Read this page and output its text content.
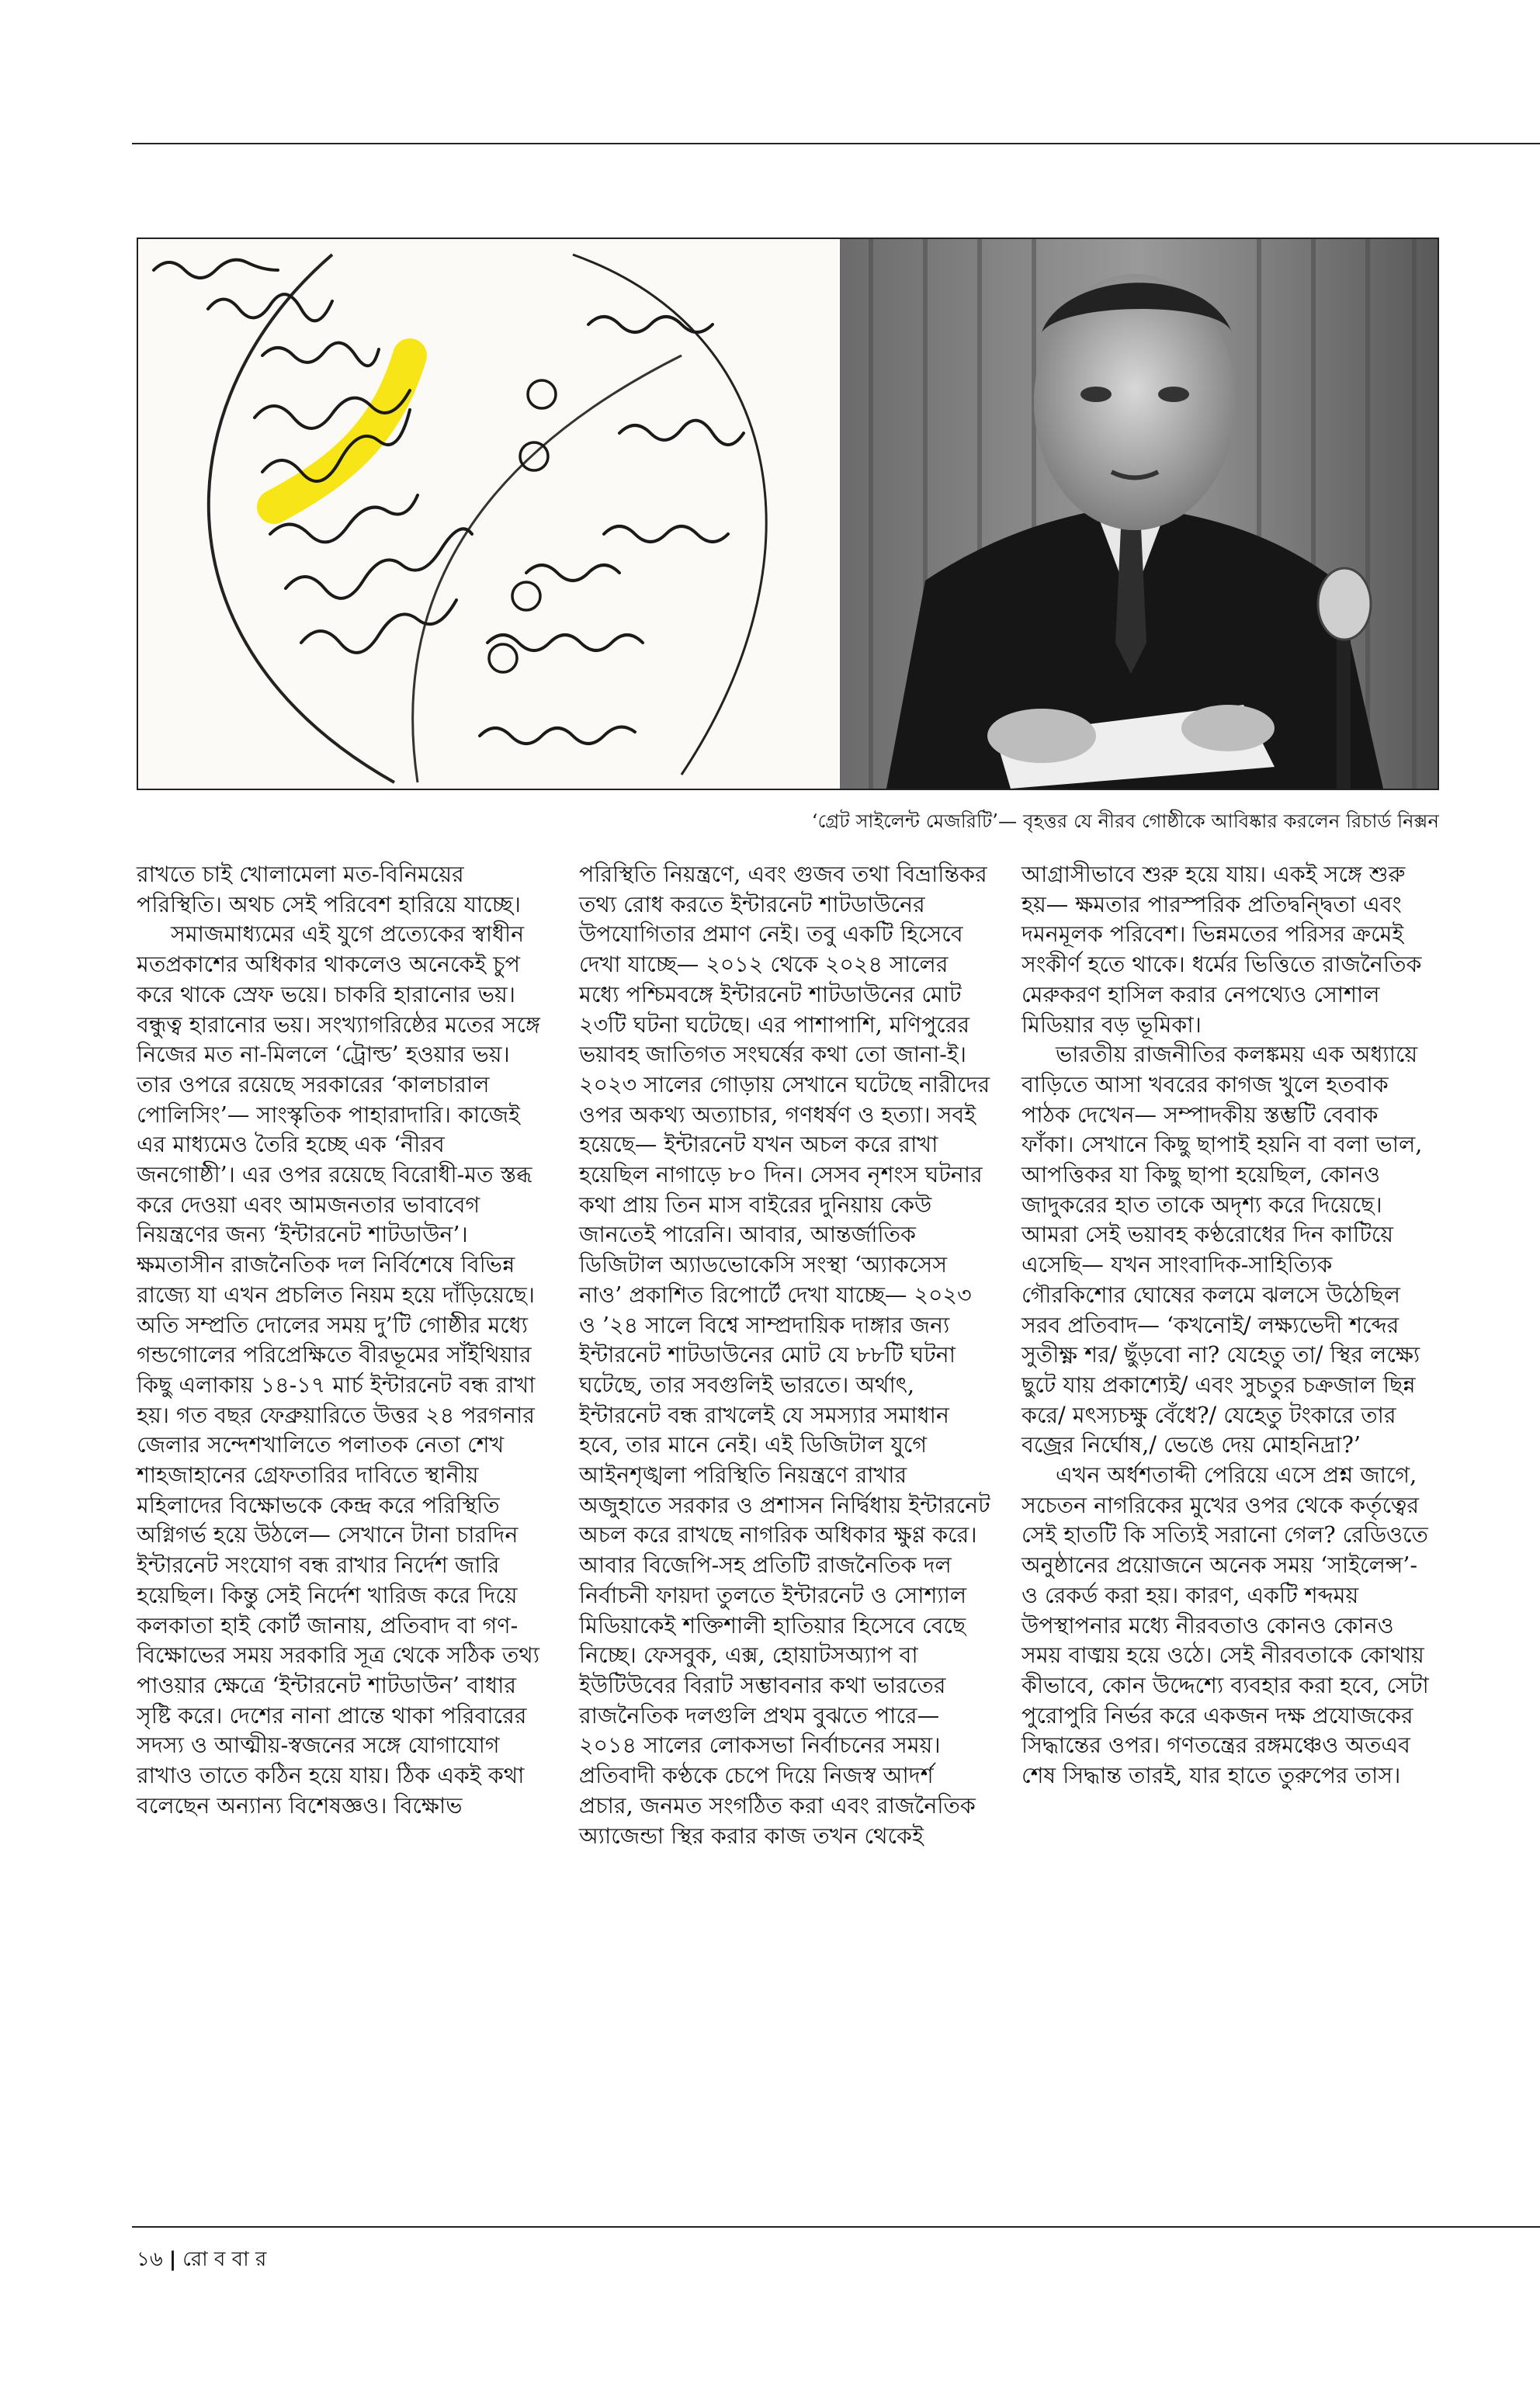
‘গ্রেট সাইলেন্ট মেজরিটি’— বৃহত্তর যে নীরব গোষ্ঠীকে আবিষ্কার করলেন রিচার্ড নিক্সন

রাখতে চাই খোলামেলা মত-বিনিময়ের পরিস্থিতি। অথচ সেই পরিবেশ হারিয়ে যাচ্ছে।

সমাজমাধ্যমের এই যুগে প্রত্যেকের স্বাধীন মতপ্রকাশের অধিকার থাকলেও অনেকেই চুপ করে থাকে স্রেফ ভয়ে। চাকরি হারানোর ভয়। বন্ধুত্ব হারানোর ভয়। সংখ্যাগরিষ্ঠের মতের সঙ্গে নিজের মত না-মিললে ‘ট্রোল্ড’ হওয়ার ভয়। তার ওপরে রয়েছে সরকারের ‘কালচারাল পোলিসিং’— সাংস্কৃতিক পাহারাদারি। কাজেই এর মাধ্যমেও তৈরি হচ্ছে এক ‘নীরব জনগোষ্ঠী’। এর ওপর রয়েছে বিরোধী-মত স্তব্ধ করে দেওয়া এবং আমজনতার ভাবাবেগ নিয়ন্ত্রণের জন্য ‘ইন্টারনেট শাটডাউন’। ক্ষমতাসীন রাজনৈতিক দল নির্বিশেষে বিভিন্ন রাজ্যে যা এখন প্রচলিত নিয়ম হয়ে দাঁড়িয়েছে। অতি সম্প্রতি দোলের সময় দু’টি গোষ্ঠীর মধ্যে গন্ডগোলের পরিপ্রেক্ষিতে বীরভূমের সাঁইথিয়ার কিছু এলাকায় ১৪-১৭ মার্চ ইন্টারনেট বন্ধ রাখা হয়। গত বছর ফেব্রুয়ারিতে উত্তর ২৪ পরগনার জেলার সন্দেশখালিতে পলাতক নেতা শেখ শাহজাহানের গ্রেফতারির দাবিতে স্থানীয় মহিলাদের বিক্ষোভকে কেন্দ্র করে পরিস্থিতি অগ্নিগর্ভ হয়ে উঠলে— সেখানে টানা চারদিন ইন্টারনেট সংযোগ বন্ধ রাখার নির্দেশ জারি হয়েছিল। কিন্তু সেই নির্দেশ খারিজ করে দিয়ে কলকাতা হাই কোর্ট জানায়, প্রতিবাদ বা গণ-বিক্ষোভের সময় সরকারি সূত্র থেকে সঠিক তথ্য পাওয়ার ক্ষেত্রে ‘ইন্টারনেট শাটডাউন’ বাধার সৃষ্টি করে। দেশের নানা প্রান্তে থাকা পরিবারের সদস্য ও আত্মীয়-স্বজনের সঙ্গে যোগাযোগ রাখাও তাতে কঠিন হয়ে যায়। ঠিক একই কথা বলেছেন অন্যান্য বিশেষজ্ঞও। বিক্ষোভ

পরিস্থিতি নিয়ন্ত্রণে, এবং গুজব তথা বিভ্রান্তিকর তথ্য রোধ করতে ইন্টারনেট শাটডাউনের উপযোগিতার প্রমাণ নেই। তবু একটি হিসেবে দেখা যাচ্ছে— ২০১২ থেকে ২০২৪ সালের মধ্যে পশ্চিমবঙ্গে ইন্টারনেট শাটডাউনের মোট ২৩টি ঘটনা ঘটেছে। এর পাশাপাশি, মণিপুরের ভয়াবহ জাতিগত সংঘর্ষের কথা তো জানা-ই। ২০২৩ সালের গোড়ায় সেখানে ঘটেছে নারীদের ওপর অকথ্য অত্যাচার, গণধর্ষণ ও হত্যা। সবই হয়েছে— ইন্টারনেট যখন অচল করে রাখা হয়েছিল নাগাড়ে ৮০ দিন। সেসব নৃশংস ঘটনার কথা প্রায় তিন মাস বাইরের দুনিয়ায় কেউ জানতেই পারেনি। আবার, আন্তর্জাতিক ডিজিটাল অ্যাডভোকেসি সংস্থা ‘অ্যাকসেস নাও’ প্রকাশিত রিপোর্টে দেখা যাচ্ছে— ২০২৩ ও ’২৪ সালে বিশ্বে সাম্প্রদায়িক দাঙ্গার জন্য ইন্টারনেট শাটডাউনের মোট যে ৮৮টি ঘটনা ঘটেছে, তার সবগুলিই ভারতে। অর্থাৎ, ইন্টারনেট বন্ধ রাখলেই যে সমস্যার সমাধান হবে, তার মানে নেই। এই ডিজিটাল যুগে আইনশৃঙ্খলা পরিস্থিতি নিয়ন্ত্রণে রাখার অজুহাতে সরকার ও প্রশাসন নির্দ্বিধায় ইন্টারনেট অচল করে রাখছে নাগরিক অধিকার ক্ষুণ্ণ করে। আবার বিজেপি-সহ প্রতিটি রাজনৈতিক দল নির্বাচনী ফায়দা তুলতে ইন্টারনেট ও সোশ্যাল মিডিয়াকেই শক্তিশালী হাতিয়ার হিসেবে বেছে নিচ্ছে। ফেসবুক, এক্স, হোয়াটসঅ্যাপ বা ইউটিউবের বিরাট সম্ভাবনার কথা ভারতের রাজনৈতিক দলগুলি প্রথম বুঝতে পারে— ২০১৪ সালের লোকসভা নির্বাচনের সময়। প্রতিবাদী কণ্ঠকে চেপে দিয়ে নিজস্ব আদর্শ প্রচার, জনমত সংগঠিত করা এবং রাজনৈতিক অ্যাজেন্ডা স্থির করার কাজ তখন থেকেই

আগ্রাসীভাবে শুরু হয়ে যায়। একই সঙ্গে শুরু হয়— ক্ষমতার পারস্পরিক প্রতিদ্বন্দ্বিতা এবং দমনমূলক পরিবেশ। ভিন্নমতের পরিসর ক্রমেই সংকীর্ণ হতে থাকে। ধর্মের ভিত্তিতে রাজনৈতিক মেরুকরণ হাসিল করার নেপথ্যেও সোশাল মিডিয়ার বড় ভূমিকা।

ভারতীয় রাজনীতির কলঙ্কময় এক অধ্যায়ে বাড়িতে আসা খবরের কাগজ খুলে হতবাক পাঠক দেখেন— সম্পাদকীয় স্তম্ভটি বেবাক ফাঁকা। সেখানে কিছু ছাপাই হয়নি বা বলা ভাল, আপত্তিকর যা কিছু ছাপা হয়েছিল, কোনও জাদুকরের হাত তাকে অদৃশ্য করে দিয়েছে। আমরা সেই ভয়াবহ কণ্ঠরোধের দিন কাটিয়ে এসেছি— যখন সাংবাদিক-সাহিত্যিক গৌরকিশোর ঘোষের কলমে ঝলসে উঠেছিল সরব প্রতিবাদ— ‘কখনোই/ লক্ষ্যভেদী শব্দের সুতীক্ষ্ণ শর/ ছুঁড়বো না? যেহেতু তা/ স্থির লক্ষ্যে ছুটে যায় প্রকাশ্যেই/ এবং সুচতুর চক্রজাল ছিন্ন করে/ মৎস্যচক্ষু বেঁধে?/ যেহেতু টংকারে তার বজ্রের নির্ঘোষ,/ ভেঙে দেয় মোহনিদ্রা?’

এখন অর্ধশতাব্দী পেরিয়ে এসে প্রশ্ন জাগে, সচেতন নাগরিকের মুখের ওপর থেকে কর্তৃত্বের সেই হাতটি কি সত্যিই সরানো গেল? রেডিওতে অনুষ্ঠানের প্রয়োজনে অনেক সময় ‘সাইলেন্স’-ও রেকর্ড করা হয়। কারণ, একটি শব্দময় উপস্থাপনার মধ্যে নীরবতাও কোনও কোনও সময় বাঙ্ময় হয়ে ওঠে। সেই নীরবতাকে কোথায় কীভাবে, কোন উদ্দেশ্যে ব্যবহার করা হবে, সেটা পুরোপুরি নির্ভর করে একজন দক্ষ প্রযোজকের সিদ্ধান্তের ওপর। গণতন্ত্রের রঙ্গমঞ্চেও অতএব শেষ সিদ্ধান্ত তারই, যার হাতে তুরুপের তাস।

১৬ | রো ব বা র
